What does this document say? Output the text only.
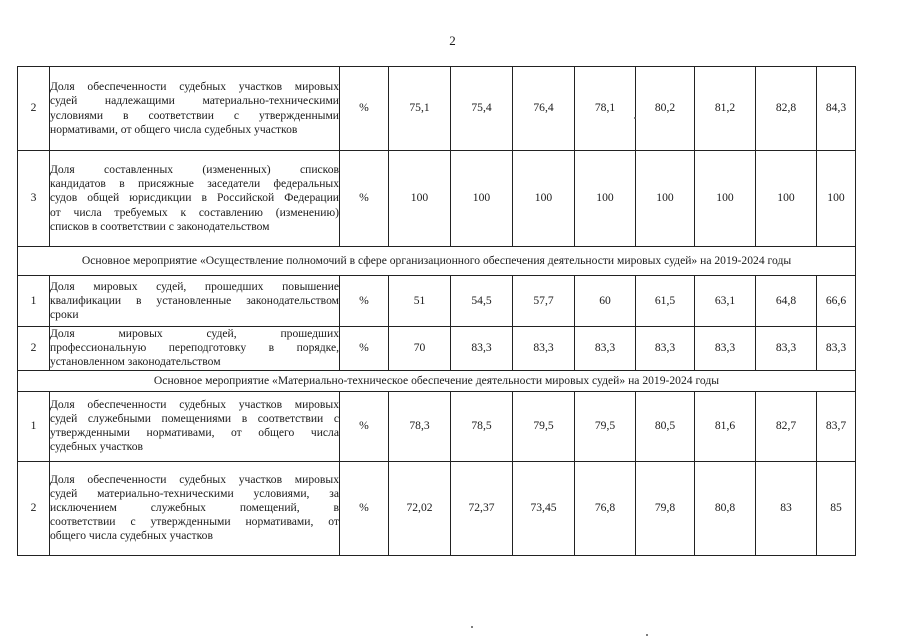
2
2	Доля обеспеченности судебных участков мировых
судей надлежащими материально-техническими
условиями в соответствии с утвержденными
нормативами, от общего числа судебных участков	%	75,1	75,4	76,4	78,1	80,2	81,2	82,8	84,3
3	Доля составленных (измененных) списков
кандидатов в присяжные заседатели федеральных
судов общей юрисдикции в Российской Федерации
от числа требуемых к составлению (изменению)
списков в соответствии с законодательством	%	100	100	100	100	100	100	100	100
Основное мероприятие «Осуществление полномочий в сфере организационного обеспечения деятельности мировых судей» на 2019-2024 годы										
1	Доля мировых судей, прошедших повышение
квалификации в установленные законодательством
сроки	%	51	54,5	57,7	60	61,5	63,1	64,8	66,6
2	Доля мировых судей, прошедших
профессиональную переподготовку в порядке,
установленном законодательством	%	70	83,3	83,3	83,3	83,3	83,3	83,3	83,3
Основное мероприятие «Материально-техническое обеспечение деятельности мировых судей» на 2019-2024 годы										
1	Доля обеспеченности судебных участков мировых
судей служебными помещениями в соответствии с
утвержденными нормативами, от общего числа
судебных участков	%	78,3	78,5	79,5	79,5	80,5	81,6	82,7	83,7
2	Доля обеспеченности судебных участков мировых
судей материально-техническими условиями, за
исключением служебных помещений, в
соответствии с утвержденными нормативами, от
общего числа судебных участков	%	72,02	72,37	73,45	76,8	79,8	80,8	83	85
